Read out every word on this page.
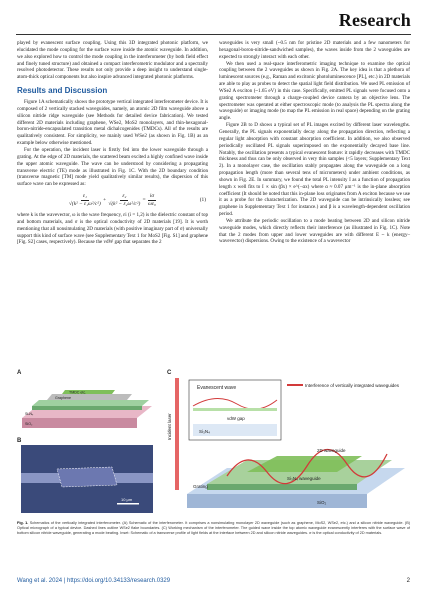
Research

played by evanescent surface coupling. Using this 3D integrated photonic platform, we elucidated the mode coupling for the surface wave inside the atomic waveguide. In addition, we also explored how to control the mode coupling in the interferometer (by both field effect and finely tuned structure) and obtained a compact interferometric modulator and a spectrally resolved photodetector. These results not only provide a deep insight to understand single-atom-thick optical components but also inspire advanced integrated photonic platforms.

Results and Discussion

Figure 1A schematically shows the prototype vertical integrated interferometer device. It is composed of 2 vertically stacked waveguides, namely, an atomic 2D film waveguide above a silicon nitride ridge waveguide (see Methods for detailed device fabrication). We tested different 2D materials including graphene, WSe2, MoS2 monolayers, and thin-hexagonal-boron-nitride-encapsulated transition metal dichalcogenides (TMDCs). All of the results are qualitatively consistent. For simplicity, we mainly used WSe2 (as shown in Fig. 1B) as an example below otherwise mentioned.

For the operation, the incident laser is firstly fed into the lower waveguide through a grating. At the edge of 2D materials, the scattered beam excited a highly confined wave inside the upper atomic waveguide. The wave can be understood by considering a propagating transverse electric (TE) mode as illustrated in Fig. 1C. With the 2D boundary condition (transverse magnetic [TM] mode yield qualitatively similar results), the dispersion of this surface wave can be expressed as:

$\frac{\text{ε₁}}{\text{√(k² − ε₁ω²/c²)}} + \frac{\text{ε₂}}{\text{√(k² − ε₂ω²/c²)}} = \frac{i\sigma}{\text{ωε₀}}$	(1)

where k is the wavevector, ω is the wave frequency, εi (i = 1,2) is the dielectric constant of top and bottom materials, and σ is the optical conductivity of 2D materials [19]. It is worth mentioning that all nonsimulating 2D materials (with positive imaginary part of σ) universally support this kind of surface wave (see Supplementary Text 1 for MoS2 [Fig. S1] and graphene [Fig. S2] cases, respectively). Because the vdW gap that separates the 2

waveguides is very small (~0.5 nm for pristine 2D materials and a few nanometers for hexagonal-boron-nitride-sandwiched samples), the waves inside from the 2 waveguides are expected to strongly interact with each other.

We then used a real-space interferometric imaging technique to examine the optical coupling between the 2 waveguides as shown in Fig. 2A. The key idea is that a plethora of luminescent sources (e.g., Raman and excitonic photoluminescence [PL], etc.) in 2D materials are able to play as probes to detect the spatial light field distribution. We used PL emission of WSe2 A exciton (~1.65 eV) in this case. Specifically, emitted PL signals were focused onto a grating spectrometer through a charge-coupled device camera by an objective lens. The spectrometer was operated at either spectroscopic mode (to analysis the PL spectra along the waveguide) or imaging mode (to map the PL emission in real space) depending on the grating angle.

Figure 2B to D shows a typical set of PL images excited by different laser wavelengths. Generally, the PL signals exponentially decay along the propagation direction, reflecting a regular light absorption with constant absorption coefficient. In addition, we also observed periodically oscillated PL signals superimposed on the exponentially decayed base line. Notably, the oscillation presents a typical evanescent feature: it rapidly decreases with TMDC thickness and thus can be only observed in very thin samples (<5 layers; Supplementary Text 2). In a monolayer case, the oscillation stably propagates along the waveguide on a long propagation length (more than several tens of micrometers) under ambient conditions, as shown in Fig. 2E. In summary, we found the total PL intensity I as a function of propagation length x well fits to I ∝ sin (βx) × e^(−αx) where α ≈ 0.07 μm⁻¹ is the in-plane absorption coefficient (It should be noted that this in-plane loss originates from A exciton because we use it as a probe for the characterization. The 2D waveguide can be intrinsically lossless; see graphene in Supplementary Text 1 for instance.) and β is a wavelength-dependent oscillation period.

We attribute the periodic oscillation to a mode beating between 2D and silicon nitride waveguide modes, which directly reflects their interference (as illustrated in Fig. 1C). Note that the 2 modes from upper and lower waveguides are with different E ~ k (energy–wavevector) dispersions. Owing to the existence of a wavevector

A
TMDC etc.
Graphene
SiₓNᵧ
SiO₂
B
10 μm
C
Incident laser
Evanescent wave
vdW gap
Si₃N₄
Interference of vertically integrated waveguides
2D waveguide
Si₃N₄ waveguide
Grating
SiO₂
Fig. 1. Schematics of the vertically integrated interferometer. (A) Schematic of the interferometer. It comprises a nonsimulating monolayer 2D waveguide (such as graphene, MoS2, WSe2, etc.) and a silicon nitride waveguide. (B) Optical micrograph of a typical device. Dashed lines outline WSe2 flake boundaries. (C) Working mechanism of the interferometer. The guided wave inside the top atomic waveguide evanescently interferes with the surface wave of bottom silicon nitride waveguide, generating a mode beating. Inset: Schematic of a transverse profile of light fields at the interface between 2D and silicon nitride waveguides. σ is the optical conductivity of 2D materials.
Wang et al. 2024 | https://doi.org/10.34133/research.0329	2
